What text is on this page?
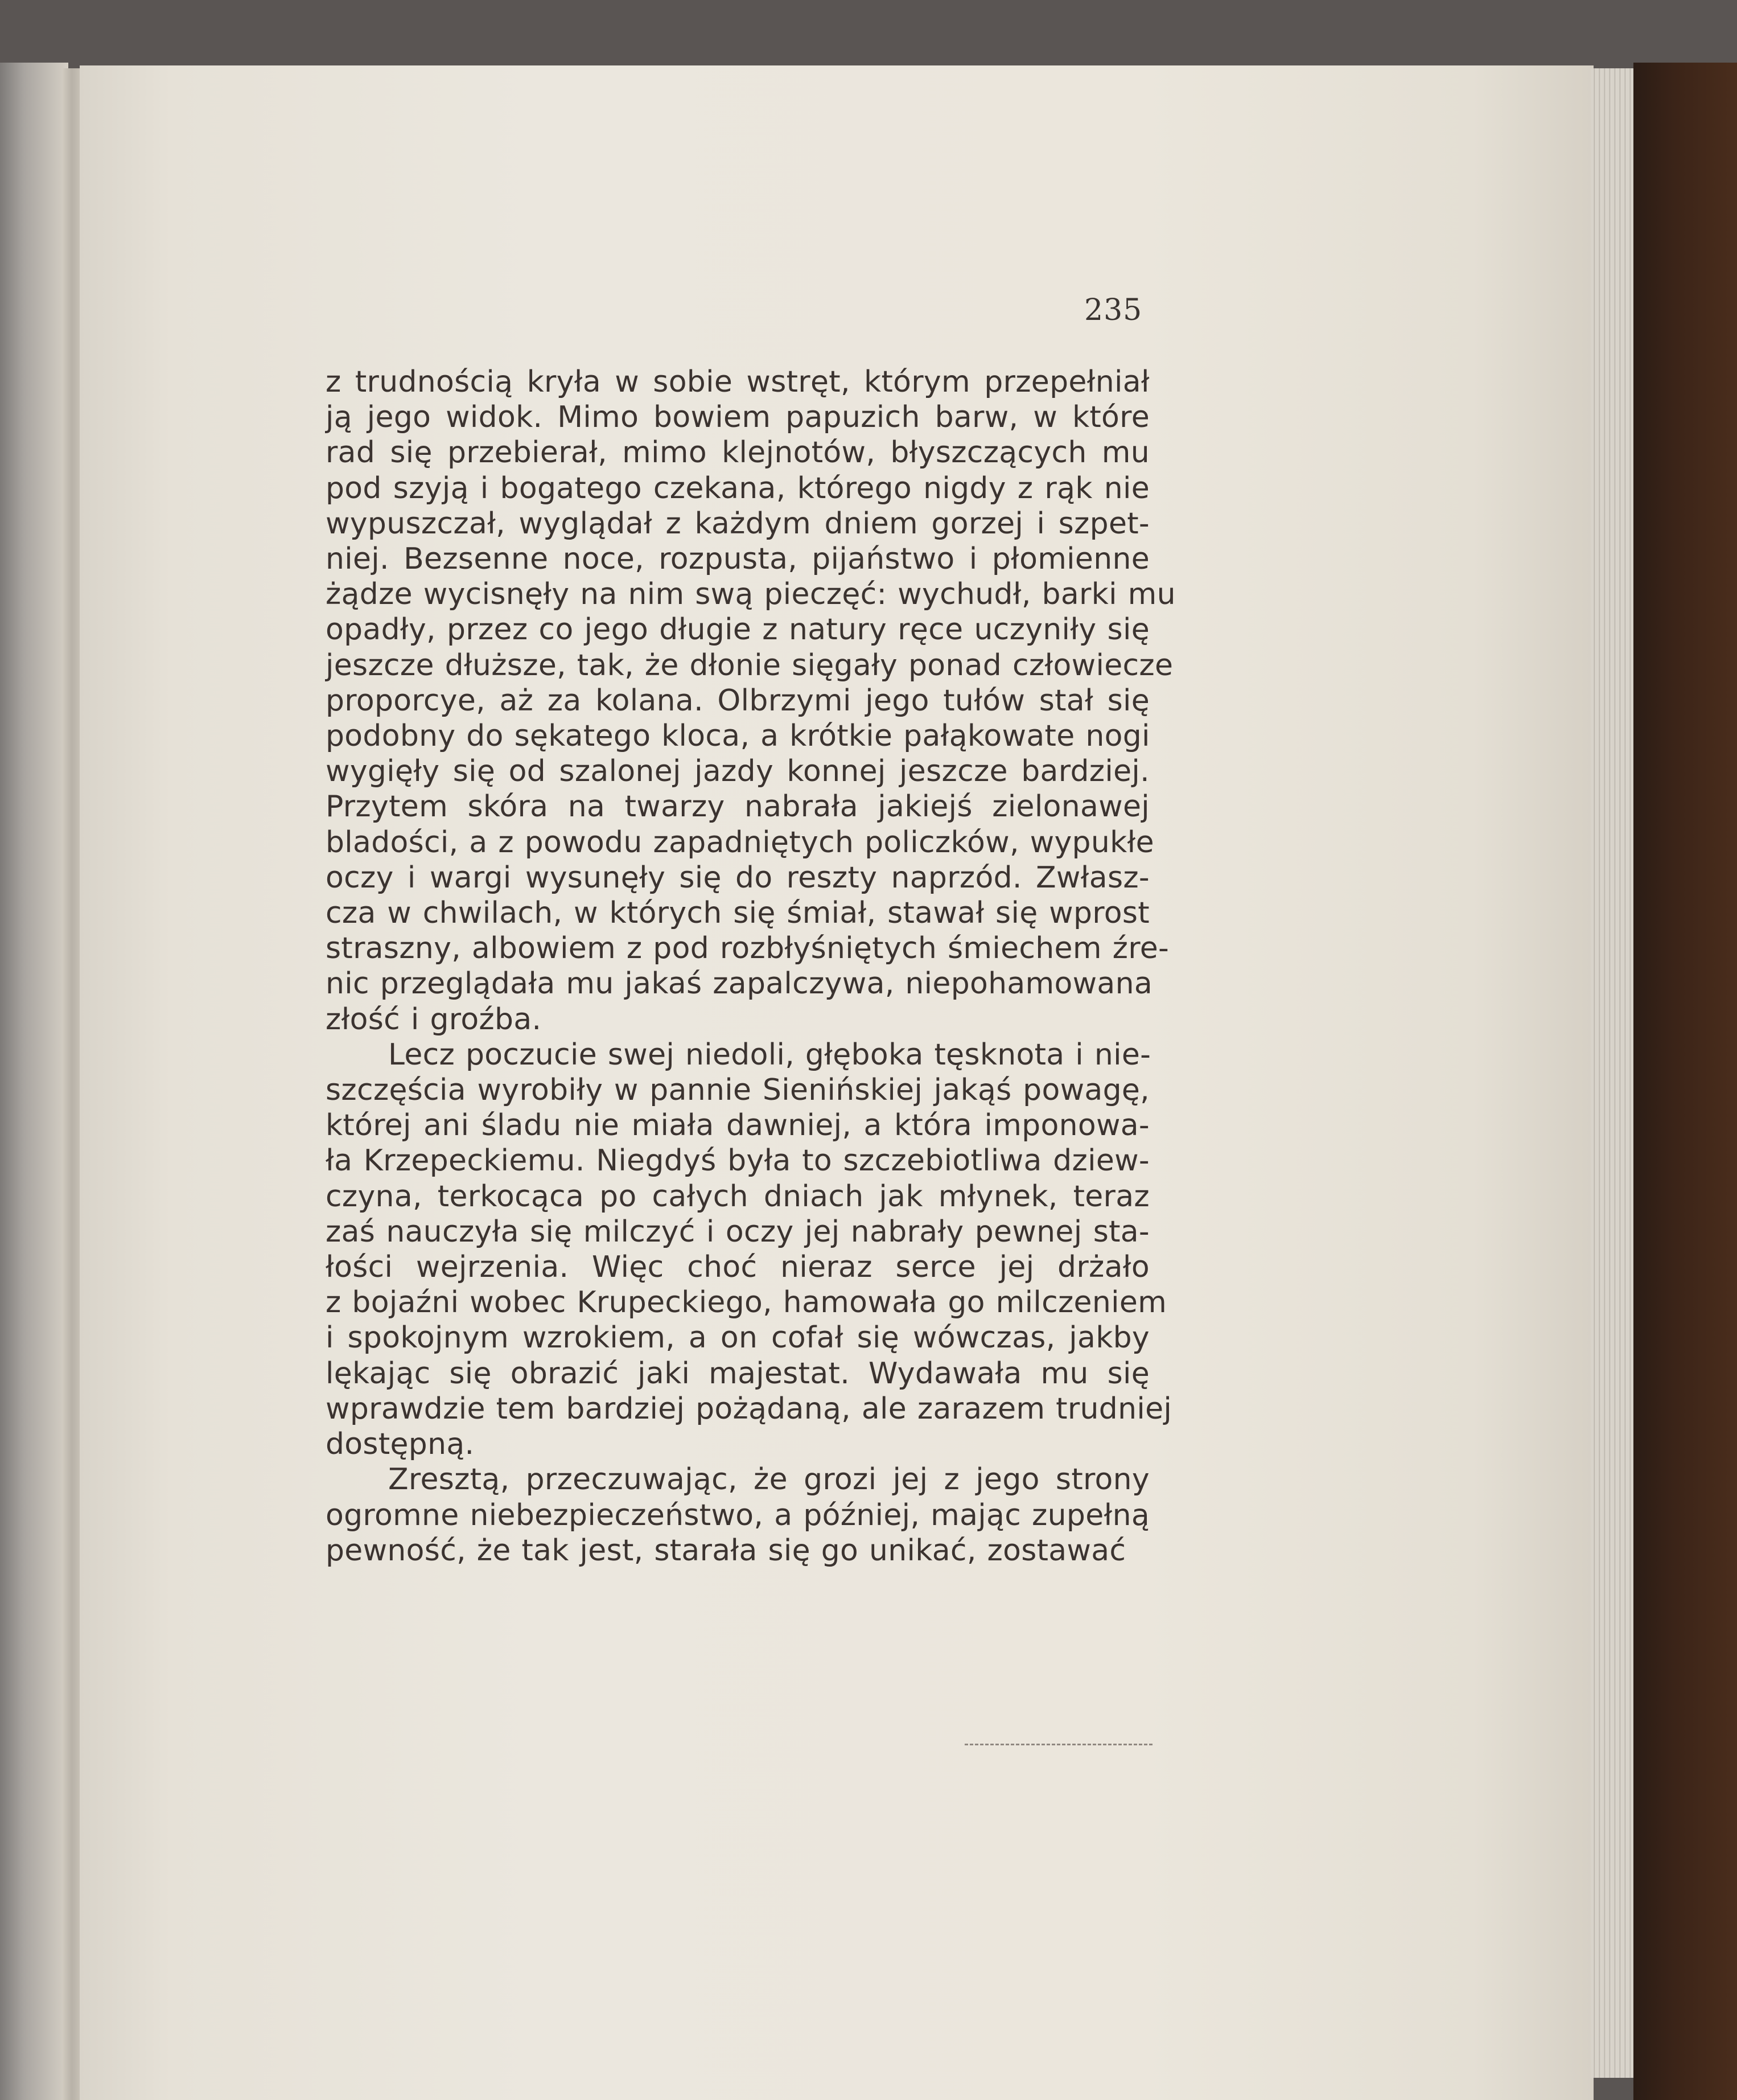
235

z trudnością kryła w sobie wstręt, którym przepełniał
ją jego widok. Mimo bowiem papuzich barw, w które
rad się przebierał, mimo klejnotów, błyszczących mu
pod szyją i bogatego czekana, którego nigdy z rąk nie
wypuszczał, wyglądał z każdym dniem gorzej i szpet-
niej. Bezsenne noce, rozpusta, pijaństwo i płomienne
żądze wycisnęły na nim swą pieczęć: wychudł, barki mu
opadły, przez co jego długie z natury ręce uczyniły się
jeszcze dłuższe, tak, że dłonie sięgały ponad człowiecze
proporcye, aż za kolana. Olbrzymi jego tułów stał się
podobny do sękatego kloca, a krótkie pałąkowate nogi
wygięły się od szalonej jazdy konnej jeszcze bardziej.
Przytem skóra na twarzy nabrała jakiejś zielonawej
bladości, a z powodu zapadniętych policzków, wypukłe
oczy i wargi wysunęły się do reszty naprzód. Zwłasz-
cza w chwilach, w których się śmiał, stawał się wprost
straszny, albowiem z pod rozbłyśniętych śmiechem źre-
nic przeglądała mu jakaś zapalczywa, niepohamowana
złość i groźba.

Lecz poczucie swej niedoli, głęboka tęsknota i nie-
szczęścia wyrobiły w pannie Sienińskiej jakąś powagę,
której ani śladu nie miała dawniej, a która imponowa-
ła Krzepeckiemu. Niegdyś była to szczebiotliwa dziew-
czyna, terkocąca po całych dniach jak młynek, teraz
zaś nauczyła się milczyć i oczy jej nabrały pewnej sta-
łości wejrzenia. Więc choć nieraz serce jej drżało
z bojaźni wobec Krupeckiego, hamowała go milczeniem
i spokojnym wzrokiem, a on cofał się wówczas, jakby
lękając się obrazić jaki majestat. Wydawała mu się
wprawdzie tem bardziej pożądaną, ale zarazem trudniej
dostępną.

Zresztą, przeczuwając, że grozi jej z jego strony
ogromne niebezpieczeństwo, a później, mając zupełną
pewność, że tak jest, starała się go unikać, zostawać
